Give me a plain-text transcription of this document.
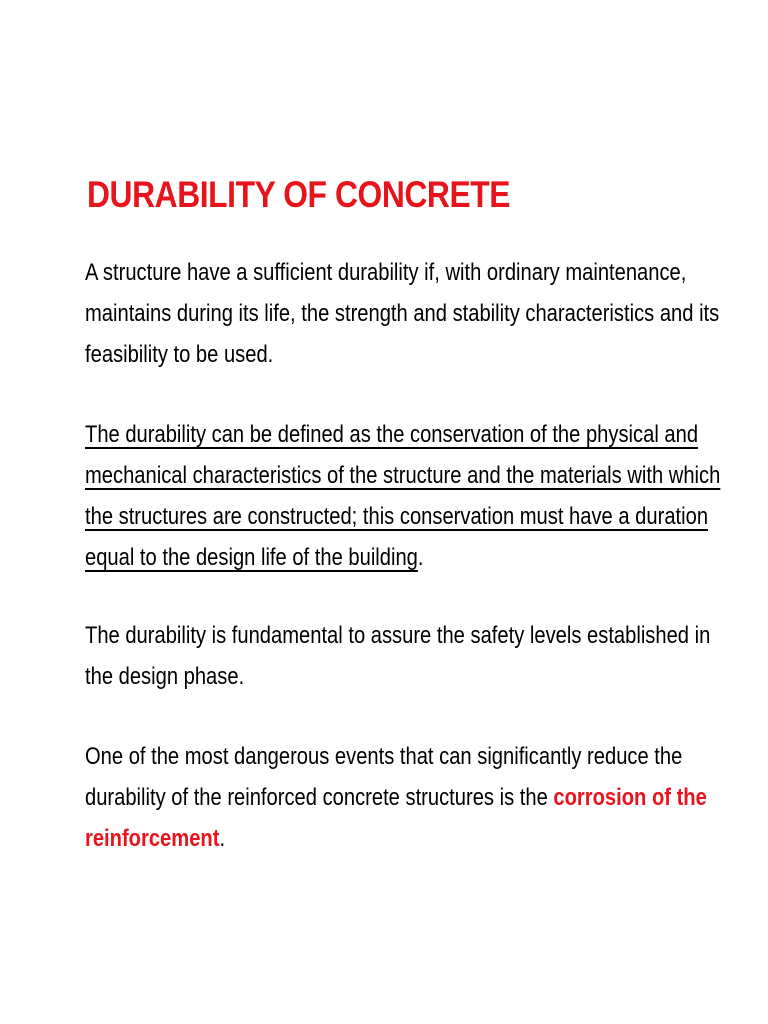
DURABILITY OF CONCRETE

A structure have a sufficient durability if, with ordinary maintenance,
maintains during its life, the strength and stability characteristics and its
feasibility to be used.

The durability can be defined as the conservation of the physical and
mechanical characteristics of the structure and the materials with which
the structures are constructed; this conservation must have a duration
equal to the design life of the building.

The durability is fundamental to assure the safety levels established in
the design phase.

One of the most dangerous events that can significantly reduce the
durability of the reinforced concrete structures is the corrosion of the
reinforcement.
